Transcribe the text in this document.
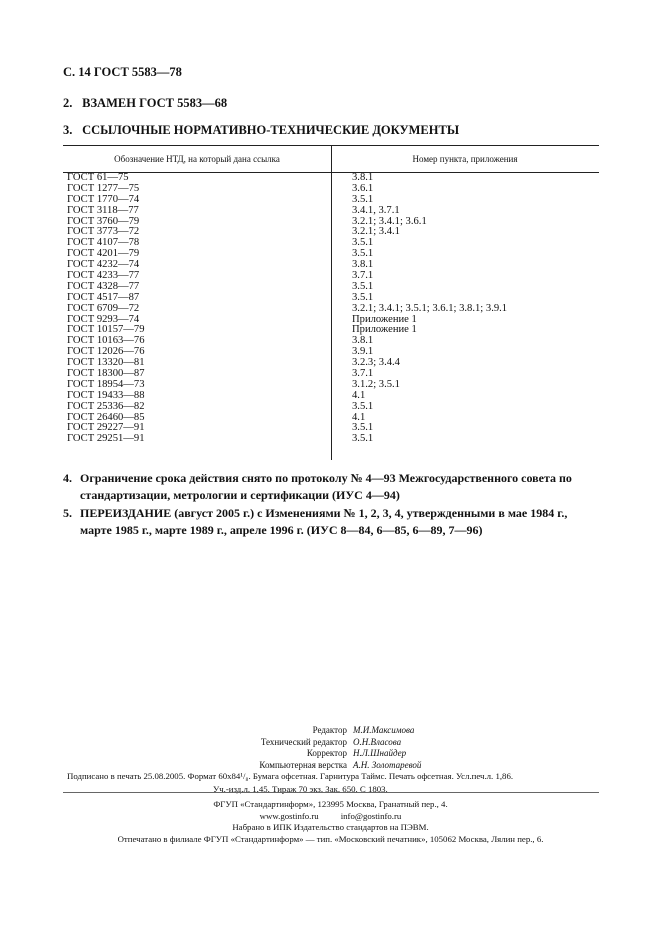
С. 14 ГОСТ 5583—78
2. ВЗАМЕН ГОСТ 5583—68
3. ССЫЛОЧНЫЕ НОРМАТИВНО-ТЕХНИЧЕСКИЕ ДОКУМЕНТЫ
Обозначение НТД, на который дана ссылка	Номер пункта, приложения
ГОСТ 61—75	3.8.1
ГОСТ 1277—75	3.6.1
ГОСТ 1770—74	3.5.1
ГОСТ 3118—77	3.4.1, 3.7.1
ГОСТ 3760—79	3.2.1; 3.4.1; 3.6.1
ГОСТ 3773—72	3.2.1; 3.4.1
ГОСТ 4107—78	3.5.1
ГОСТ 4201—79	3.5.1
ГОСТ 4232—74	3.8.1
ГОСТ 4233—77	3.7.1
ГОСТ 4328—77	3.5.1
ГОСТ 4517—87	3.5.1
ГОСТ 6709—72	3.2.1; 3.4.1; 3.5.1; 3.6.1; 3.8.1; 3.9.1
ГОСТ 9293—74	Приложение 1
ГОСТ 10157—79	Приложение 1
ГОСТ 10163—76	3.8.1
ГОСТ 12026—76	3.9.1
ГОСТ 13320—81	3.2.3; 3.4.4
ГОСТ 18300—87	3.7.1
ГОСТ 18954—73	3.1.2; 3.5.1
ГОСТ 19433—88	4.1
ГОСТ 25336—82	3.5.1
ГОСТ 26460—85	4.1
ГОСТ 29227—91	3.5.1
ГОСТ 29251—91	3.5.1
4. Ограничение срока действия снято по протоколу № 4—93 Межгосударственного совета по стандартизации, метрологии и сертификации (ИУС 4—94)
5. ПЕРЕИЗДАНИЕ (август 2005 г.) с Изменениями № 1, 2, 3, 4, утвержденными в мае 1984 г., марте 1985 г., марте 1989 г., апреле 1996 г. (ИУС 8—84, 6—85, 6—89, 7—96)
Редактор М.И.Максимова
Технический редактор О.Н.Власова
Корректор Н.Л.Шнайдер
Компьютерная верстка А.Н. Золотаревой
Подписано в печать 25.08.2005. Формат 60x84¹/₈. Бумага офсетная. Гарнитура Таймс. Печать офсетная. Усл.печ.л. 1,86.
Уч.-изд.л. 1,45. Тираж 70 экз. Зак. 650. С 1803.
ФГУП «Стандартинформ», 123995 Москва, Гранатный пер., 4.
www.gostinfo.ru          info@gostinfo.ru
Набрано в ИПК Издательство стандартов на ПЭВМ.
Отпечатано в филиале ФГУП «Стандартинформ» — тип. «Московский печатник», 105062 Москва, Лялин пер., 6.
